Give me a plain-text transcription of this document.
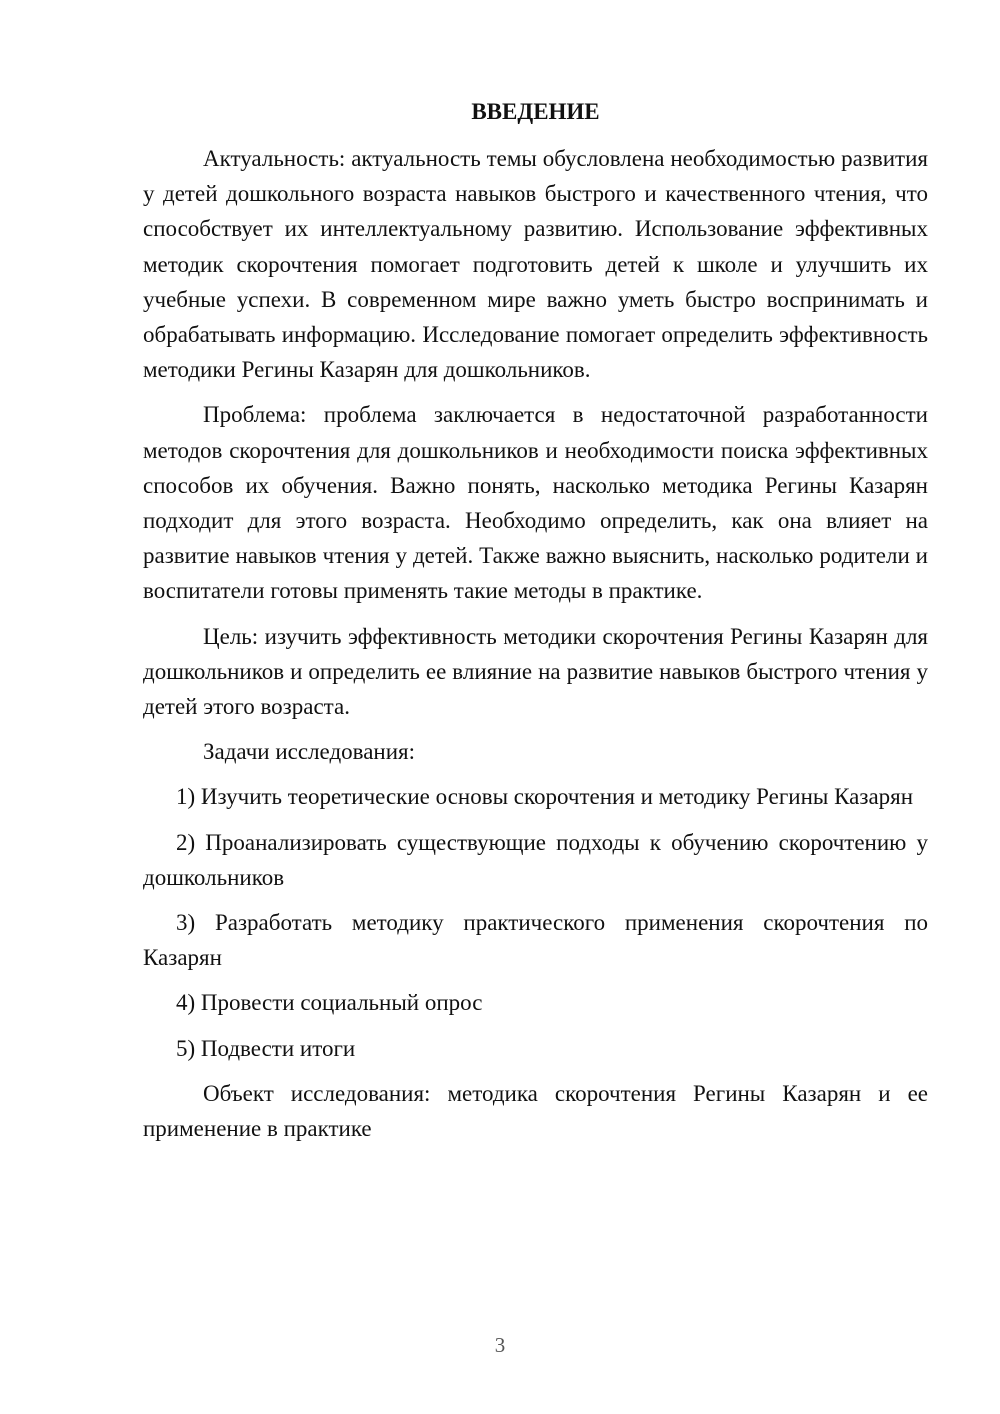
ВВЕДЕНИЕ

Актуальность: актуальность темы обусловлена необходимостью развития у детей дошкольного возраста навыков быстрого и качественного чтения, что способствует их интеллектуальному развитию. Использование эффективных методик скорочтения помогает подготовить детей к школе и улучшить их учебные успехи. В современном мире важно уметь быстро воспринимать и обрабатывать информацию. Исследование помогает определить эффективность методики Регины Казарян для дошкольников.

Проблема: проблема заключается в недостаточной разработанности методов скорочтения для дошкольников и необходимости поиска эффективных способов их обучения. Важно понять, насколько методика Регины Казарян подходит для этого возраста. Необходимо определить, как она влияет на развитие навыков чтения у детей. Также важно выяснить, насколько родители и воспитатели готовы применять такие методы в практике.

Цель: изучить эффективность методики скорочтения Регины Казарян для дошкольников и определить ее влияние на развитие навыков быстрого чтения у детей этого возраста.

Задачи исследования:

1) Изучить теоретические основы скорочтения и методику Регины Казарян

2) Проанализировать существующие подходы к обучению скорочтению у дошкольников

3) Разработать методику практического применения скорочтения по Казарян

4) Провести социальный опрос

5) Подвести итоги

Объект исследования: методика скорочтения Регины Казарян и ее применение в практике

3
